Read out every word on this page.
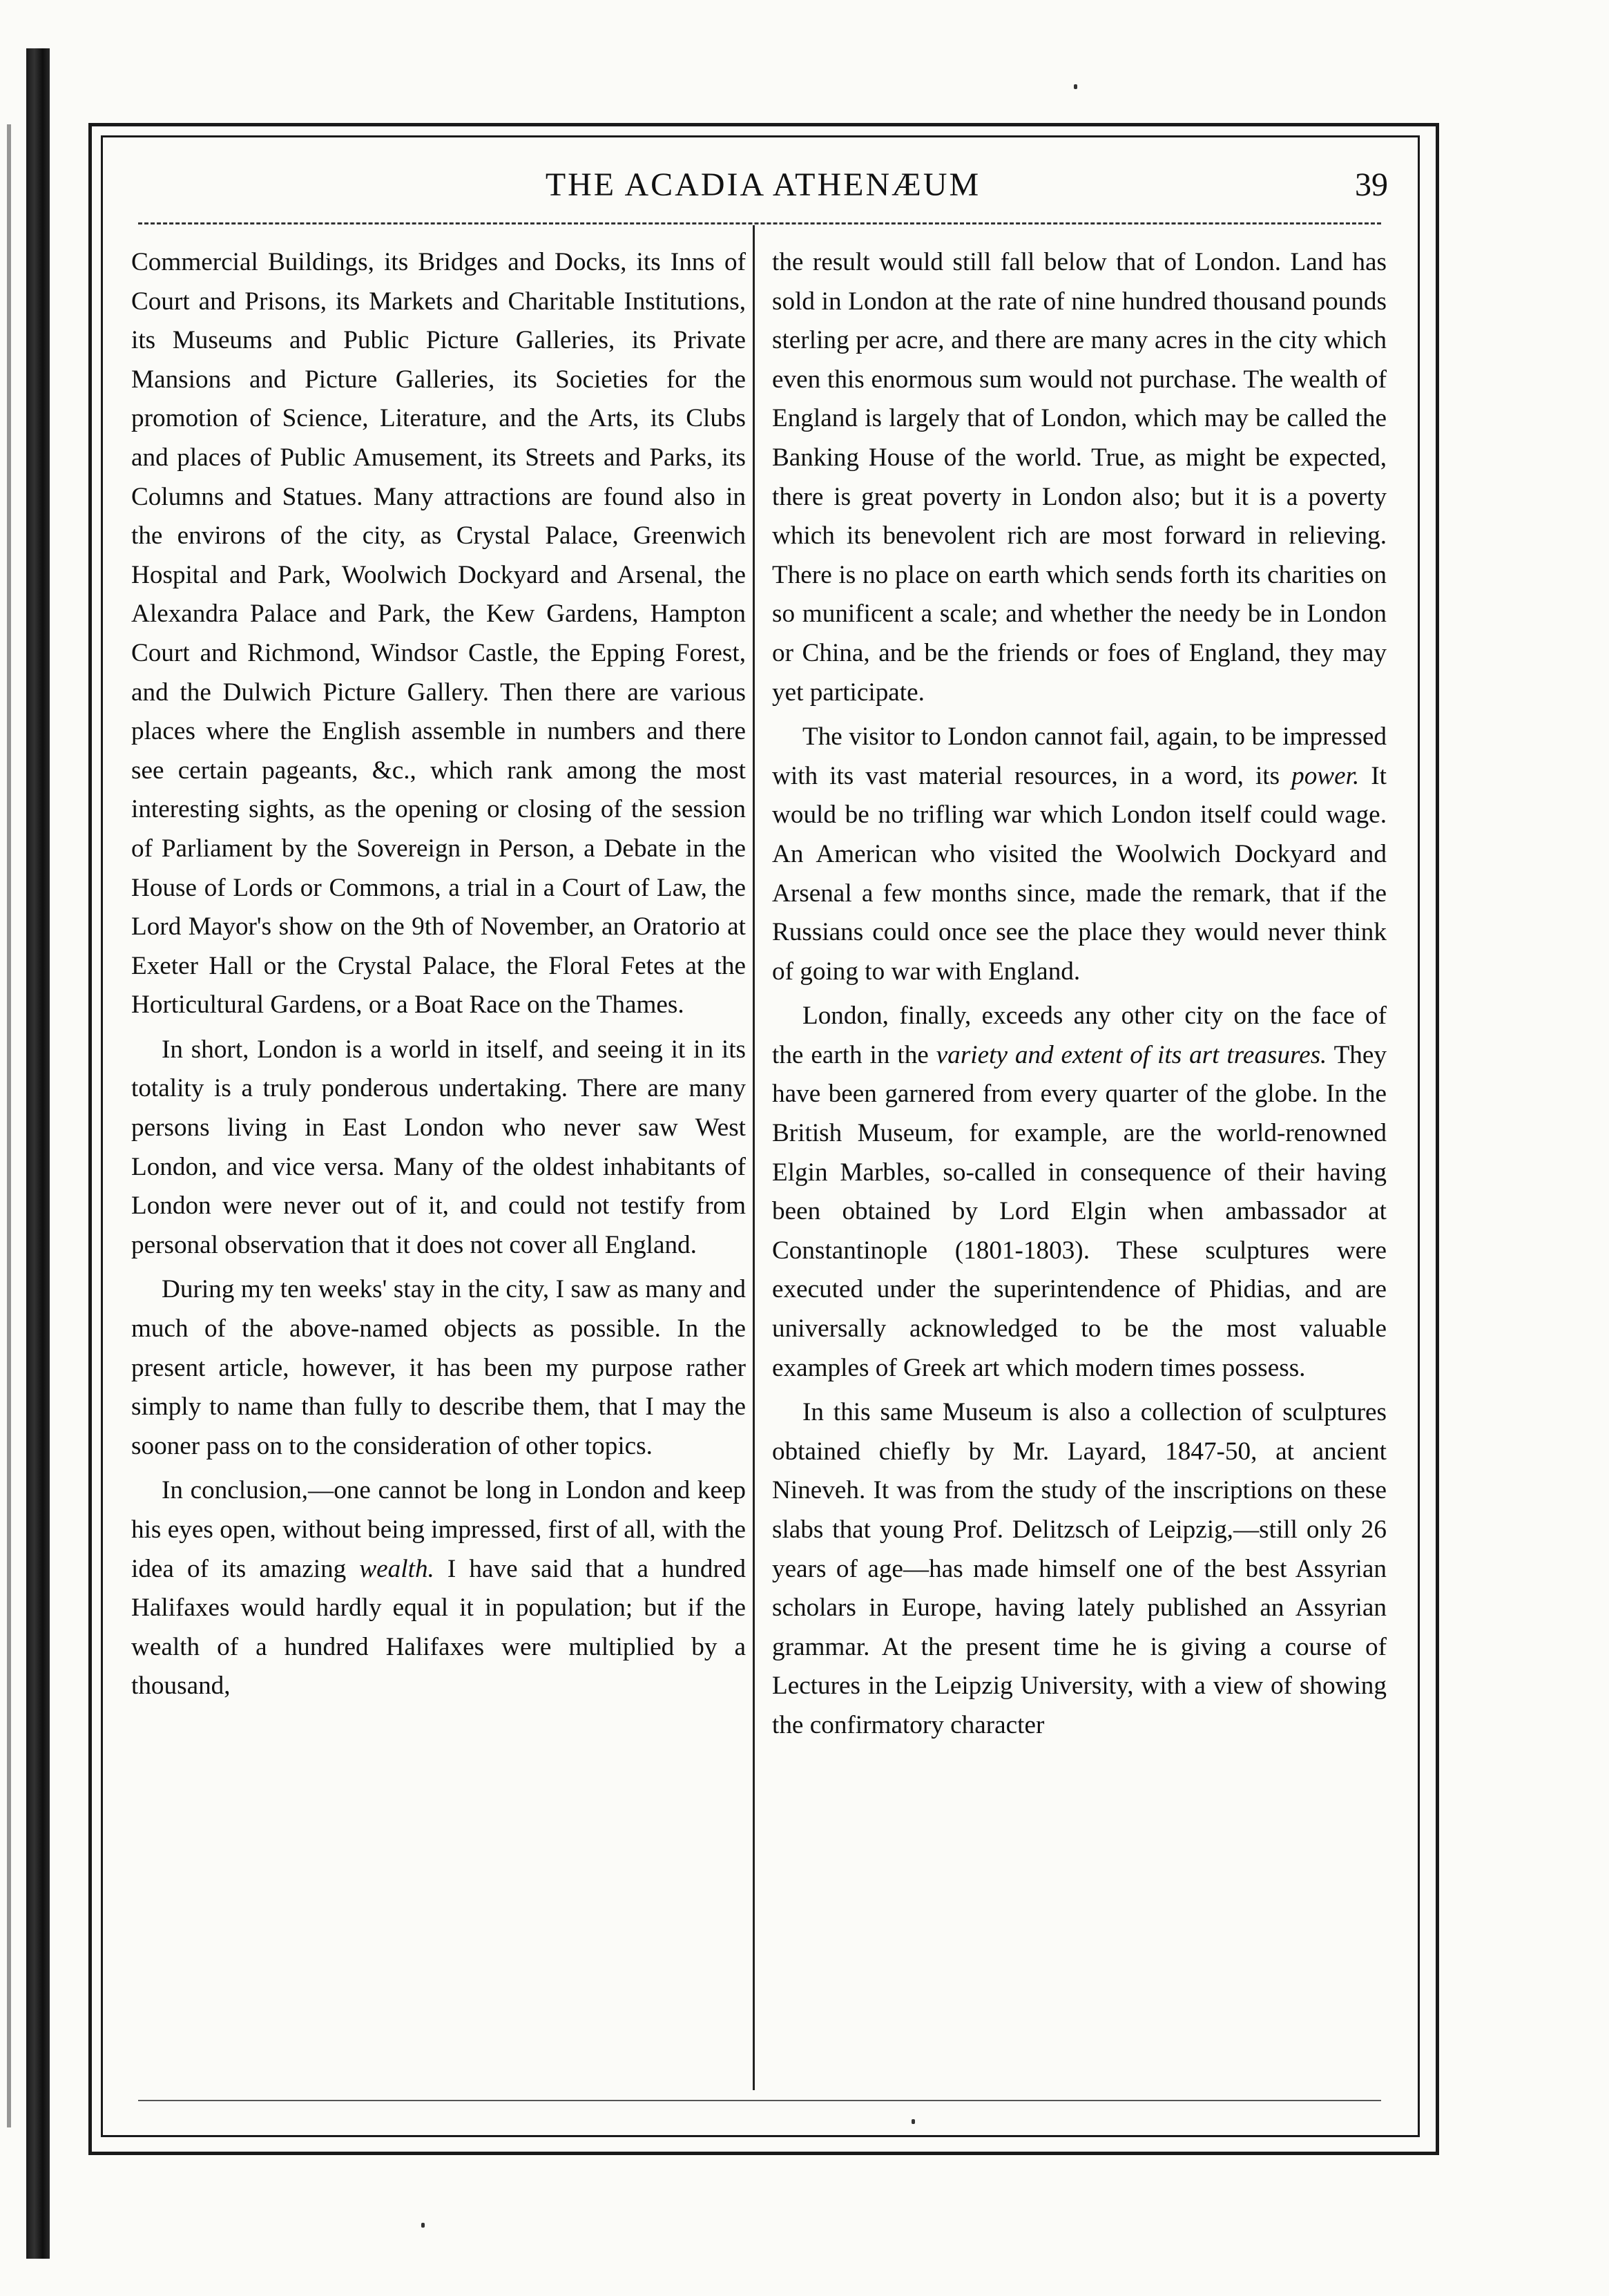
THE ACADIA ATHENÆUM	39

Commercial Buildings, its Bridges and Docks, its Inns of Court and Prisons, its Markets and Charitable Institutions, its Museums and Public Picture Galleries, its Private Mansions and Picture Galleries, its Societies for the promotion of Science, Literature, and the Arts, its Clubs and places of Public Amusement, its Streets and Parks, its Columns and Statues. Many attractions are found also in the environs of the city, as Crystal Palace, Greenwich Hospital and Park, Woolwich Dockyard and Arsenal, the Alexandra Palace and Park, the Kew Gardens, Hampton Court and Richmond, Windsor Castle, the Epping Forest, and the Dulwich Picture Gallery. Then there are various places where the English assemble in numbers and there see certain pageants, &c., which rank among the most interesting sights, as the opening or closing of the session of Parliament by the Sovereign in Person, a Debate in the House of Lords or Commons, a trial in a Court of Law, the Lord Mayor's show on the 9th of November, an Oratorio at Exeter Hall or the Crystal Palace, the Floral Fetes at the Horticultural Gardens, or a Boat Race on the Thames.

In short, London is a world in itself, and seeing it in its totality is a truly ponderous undertaking. There are many persons living in East London who never saw West London, and vice versa. Many of the oldest inhabitants of London were never out of it, and could not testify from personal observation that it does not cover all England.

During my ten weeks' stay in the city, I saw as many and much of the above-named objects as possible. In the present article, however, it has been my purpose rather simply to name than fully to describe them, that I may the sooner pass on to the consideration of other topics.

In conclusion,—one cannot be long in London and keep his eyes open, without being impressed, first of all, with the idea of its amazing wealth. I have said that a hundred Halifaxes would hardly equal it in population; but if the wealth of a hundred Halifaxes were multiplied by a thousand,

the result would still fall below that of London. Land has sold in London at the rate of nine hundred thousand pounds sterling per acre, and there are many acres in the city which even this enormous sum would not purchase. The wealth of England is largely that of London, which may be called the Banking House of the world. True, as might be expected, there is great poverty in London also; but it is a poverty which its benevolent rich are most forward in relieving. There is no place on earth which sends forth its charities on so munificent a scale; and whether the needy be in London or China, and be the friends or foes of England, they may yet participate.

The visitor to London cannot fail, again, to be impressed with its vast material resources, in a word, its power. It would be no trifling war which London itself could wage. An American who visited the Woolwich Dockyard and Arsenal a few months since, made the remark, that if the Russians could once see the place they would never think of going to war with England.

London, finally, exceeds any other city on the face of the earth in the variety and extent of its art treasures. They have been garnered from every quarter of the globe. In the British Museum, for example, are the world-renowned Elgin Marbles, so-called in consequence of their having been obtained by Lord Elgin when ambassador at Constantinople (1801-1803). These sculptures were executed under the superintendence of Phidias, and are universally acknowledged to be the most valuable examples of Greek art which modern times possess.

In this same Museum is also a collection of sculptures obtained chiefly by Mr. Layard, 1847-50, at ancient Nineveh. It was from the study of the inscriptions on these slabs that young Prof. Delitzsch of Leipzig,—still only 26 years of age—has made himself one of the best Assyrian scholars in Europe, having lately published an Assyrian grammar. At the present time he is giving a course of Lectures in the Leipzig University, with a view of showing the confirmatory character
